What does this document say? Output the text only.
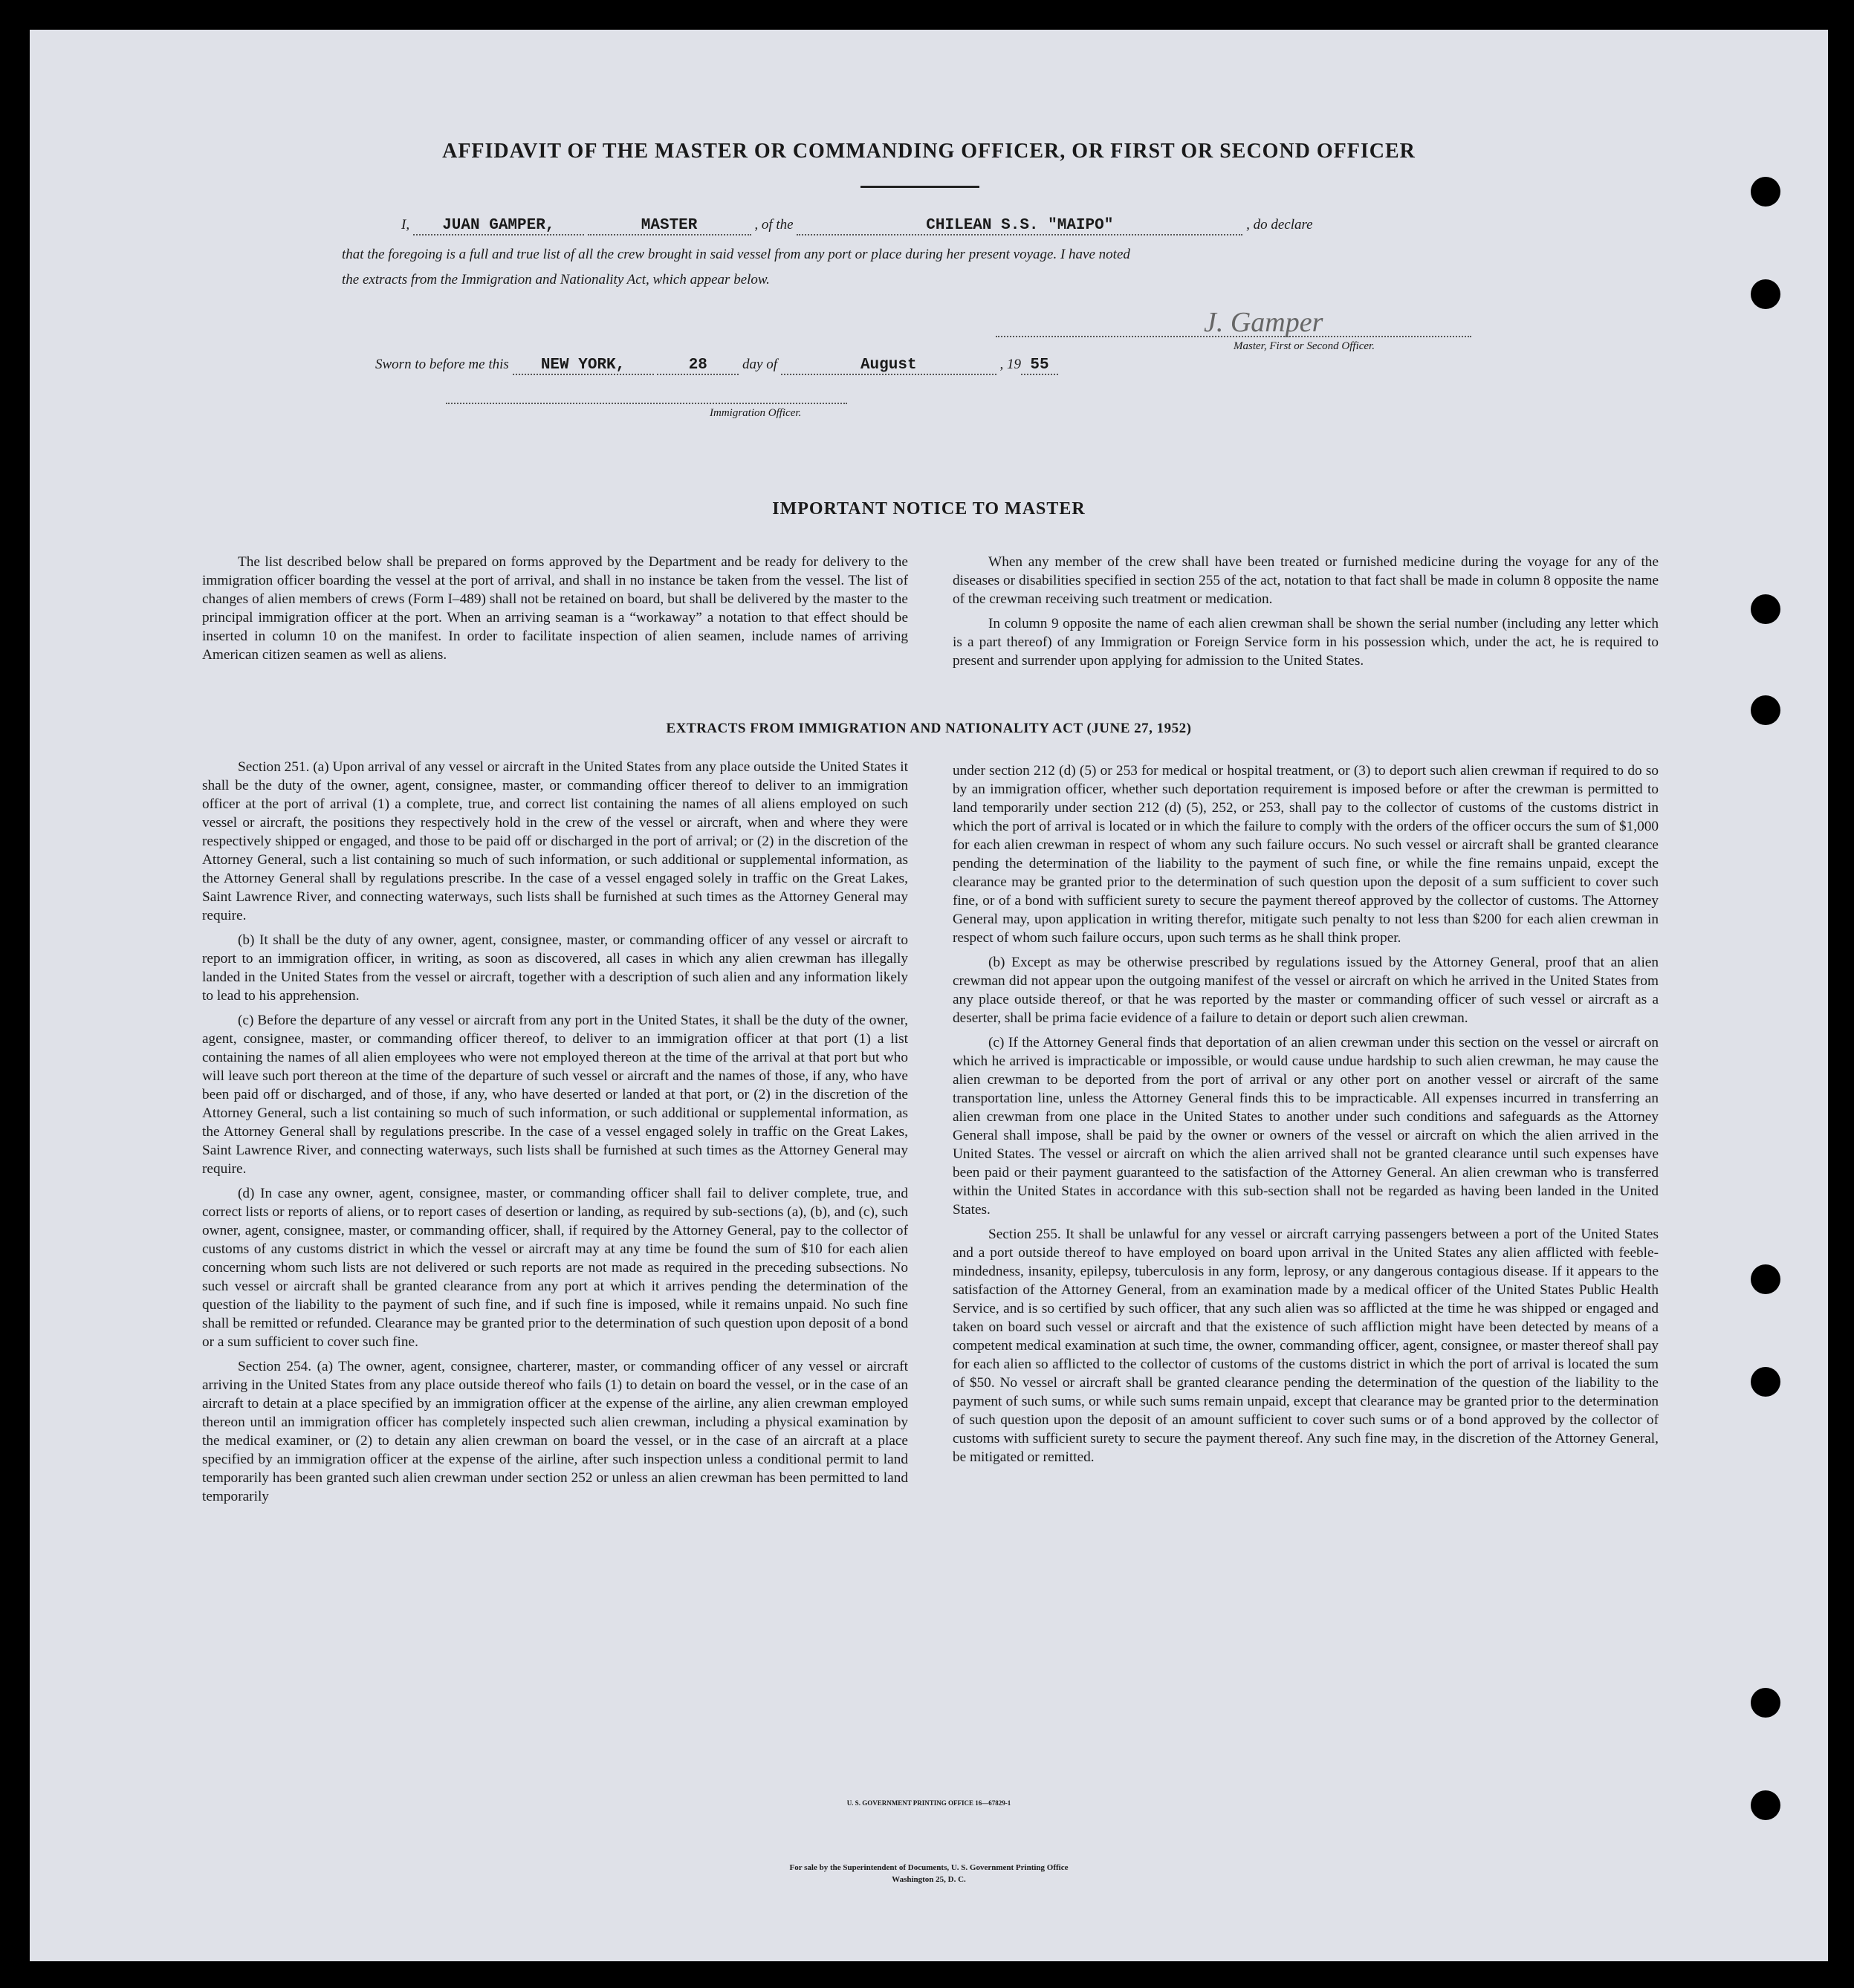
AFFIDAVIT OF THE MASTER OR COMMANDING OFFICER, OR FIRST OR SECOND OFFICER
I, JUAN GAMPER,	MASTER	, of the	CHILEAN S.S. "MAIPO"	, do declare
that the foregoing is a full and true list of all the crew brought in said vessel from any port or place during her present voyage. I have noted
the extracts from the Immigration and Nationality Act, which appear below.
J. Gamper
Master, First or Second Officer.
Sworn to before me this NEW YORK,	28 day of	August	, 19 55
Immigration Officer.
IMPORTANT NOTICE TO MASTER

The list described below shall be prepared on forms approved by the Department and be ready for delivery to the immigration officer boarding the vessel at the port of arrival, and shall in no instance be taken from the vessel. The list of changes of alien members of crews (Form I–489) shall not be retained on board, but shall be delivered by the master to the principal immigration officer at the port. When an arriving seaman is a “workaway” a notation to that effect should be inserted in column 10 on the manifest. In order to facilitate inspection of alien seamen, include names of arriving American citizen seamen as well as aliens.

When any member of the crew shall have been treated or furnished medicine during the voyage for any of the diseases or disabilities specified in section 255 of the act, notation to that fact shall be made in column 8 opposite the name of the crewman receiving such treatment or medication.

In column 9 opposite the name of each alien crewman shall be shown the serial number (including any letter which is a part thereof) of any Immigration or Foreign Service form in his possession which, under the act, he is required to present and surrender upon applying for admission to the United States.

EXTRACTS FROM IMMIGRATION AND NATIONALITY ACT (JUNE 27, 1952)

Section 251. (a) Upon arrival of any vessel or aircraft in the United States from any place outside the United States it shall be the duty of the owner, agent, consignee, master, or commanding officer thereof to deliver to an immigration officer at the port of arrival (1) a complete, true, and correct list containing the names of all aliens employed on such vessel or aircraft, the positions they respectively hold in the crew of the vessel or aircraft, when and where they were respectively shipped or engaged, and those to be paid off or discharged in the port of arrival; or (2) in the discretion of the Attorney General, such a list containing so much of such information, or such additional or supplemental information, as the Attorney General shall by regulations prescribe. In the case of a vessel engaged solely in traffic on the Great Lakes, Saint Lawrence River, and connecting waterways, such lists shall be furnished at such times as the Attorney General may require.

(b) It shall be the duty of any owner, agent, consignee, master, or commanding officer of any vessel or aircraft to report to an immigration officer, in writing, as soon as discovered, all cases in which any alien crewman has illegally landed in the United States from the vessel or aircraft, together with a description of such alien and any information likely to lead to his apprehension.

(c) Before the departure of any vessel or aircraft from any port in the United States, it shall be the duty of the owner, agent, consignee, master, or commanding officer thereof, to deliver to an immigration officer at that port (1) a list containing the names of all alien employees who were not employed thereon at the time of the arrival at that port but who will leave such port thereon at the time of the departure of such vessel or aircraft and the names of those, if any, who have been paid off or discharged, and of those, if any, who have deserted or landed at that port, or (2) in the discretion of the Attorney General, such a list containing so much of such information, or such additional or supplemental information, as the Attorney General shall by regulations prescribe. In the case of a vessel engaged solely in traffic on the Great Lakes, Saint Lawrence River, and connecting waterways, such lists shall be furnished at such times as the Attorney General may require.

(d) In case any owner, agent, consignee, master, or commanding officer shall fail to deliver complete, true, and correct lists or reports of aliens, or to report cases of desertion or landing, as required by sub-sections (a), (b), and (c), such owner, agent, consignee, master, or commanding officer, shall, if required by the Attorney General, pay to the collector of customs of any customs district in which the vessel or aircraft may at any time be found the sum of $10 for each alien concerning whom such lists are not delivered or such reports are not made as required in the preceding subsections. No such vessel or aircraft shall be granted clearance from any port at which it arrives pending the determination of the question of the liability to the payment of such fine, and if such fine is imposed, while it remains unpaid. No such fine shall be remitted or refunded. Clearance may be granted prior to the determination of such question upon deposit of a bond or a sum sufficient to cover such fine.

Section 254. (a) The owner, agent, consignee, charterer, master, or commanding officer of any vessel or aircraft arriving in the United States from any place outside thereof who fails (1) to detain on board the vessel, or in the case of an aircraft to detain at a place specified by an immigration officer at the expense of the airline, any alien crewman employed thereon until an immigration officer has completely inspected such alien crewman, including a physical examination by the medical examiner, or (2) to detain any alien crewman on board the vessel, or in the case of an aircraft at a place specified by an immigration officer at the expense of the airline, after such inspection unless a conditional permit to land temporarily has been granted such alien crewman under section 252 or unless an alien crewman has been permitted to land temporarily

under section 212 (d) (5) or 253 for medical or hospital treatment, or (3) to deport such alien crewman if required to do so by an immigration officer, whether such deportation requirement is imposed before or after the crewman is permitted to land temporarily under section 212 (d) (5), 252, or 253, shall pay to the collector of customs of the customs district in which the port of arrival is located or in which the failure to comply with the orders of the officer occurs the sum of $1,000 for each alien crewman in respect of whom any such failure occurs. No such vessel or aircraft shall be granted clearance pending the determination of the liability to the payment of such fine, or while the fine remains unpaid, except the clearance may be granted prior to the determination of such question upon the deposit of a sum sufficient to cover such fine, or of a bond with sufficient surety to secure the payment thereof approved by the collector of customs. The Attorney General may, upon application in writing therefor, mitigate such penalty to not less than $200 for each alien crewman in respect of whom such failure occurs, upon such terms as he shall think proper.

(b) Except as may be otherwise prescribed by regulations issued by the Attorney General, proof that an alien crewman did not appear upon the outgoing manifest of the vessel or aircraft on which he arrived in the United States from any place outside thereof, or that he was reported by the master or commanding officer of such vessel or aircraft as a deserter, shall be prima facie evidence of a failure to detain or deport such alien crewman.

(c) If the Attorney General finds that deportation of an alien crewman under this section on the vessel or aircraft on which he arrived is impracticable or impossible, or would cause undue hardship to such alien crewman, he may cause the alien crewman to be deported from the port of arrival or any other port on another vessel or aircraft of the same transportation line, unless the Attorney General finds this to be impracticable. All expenses incurred in transferring an alien crewman from one place in the United States to another under such conditions and safeguards as the Attorney General shall impose, shall be paid by the owner or owners of the vessel or aircraft on which the alien arrived in the United States. The vessel or aircraft on which the alien arrived shall not be granted clearance until such expenses have been paid or their payment guaranteed to the satisfaction of the Attorney General. An alien crewman who is transferred within the United States in accordance with this sub-section shall not be regarded as having been landed in the United States.

Section 255. It shall be unlawful for any vessel or aircraft carrying passengers between a port of the United States and a port outside thereof to have employed on board upon arrival in the United States any alien afflicted with feeble-mindedness, insanity, epilepsy, tuberculosis in any form, leprosy, or any dangerous contagious disease. If it appears to the satisfaction of the Attorney General, from an examination made by a medical officer of the United States Public Health Service, and is so certified by such officer, that any such alien was so afflicted at the time he was shipped or engaged and taken on board such vessel or aircraft and that the existence of such affliction might have been detected by means of a competent medical examination at such time, the owner, commanding officer, agent, consignee, or master thereof shall pay for each alien so afflicted to the collector of customs of the customs district in which the port of arrival is located the sum of $50. No vessel or aircraft shall be granted clearance pending the determination of the question of the liability to the payment of such sums, or while such sums remain unpaid, except that clearance may be granted prior to the determination of such question upon the deposit of an amount sufficient to cover such sums or of a bond approved by the collector of customs with sufficient surety to secure the payment thereof. Any such fine may, in the discretion of the Attorney General, be mitigated or remitted.

U. S. GOVERNMENT PRINTING OFFICE 16—67829-1
For sale by the Superintendent of Documents, U. S. Government Printing Office
Washington 25, D. C.
